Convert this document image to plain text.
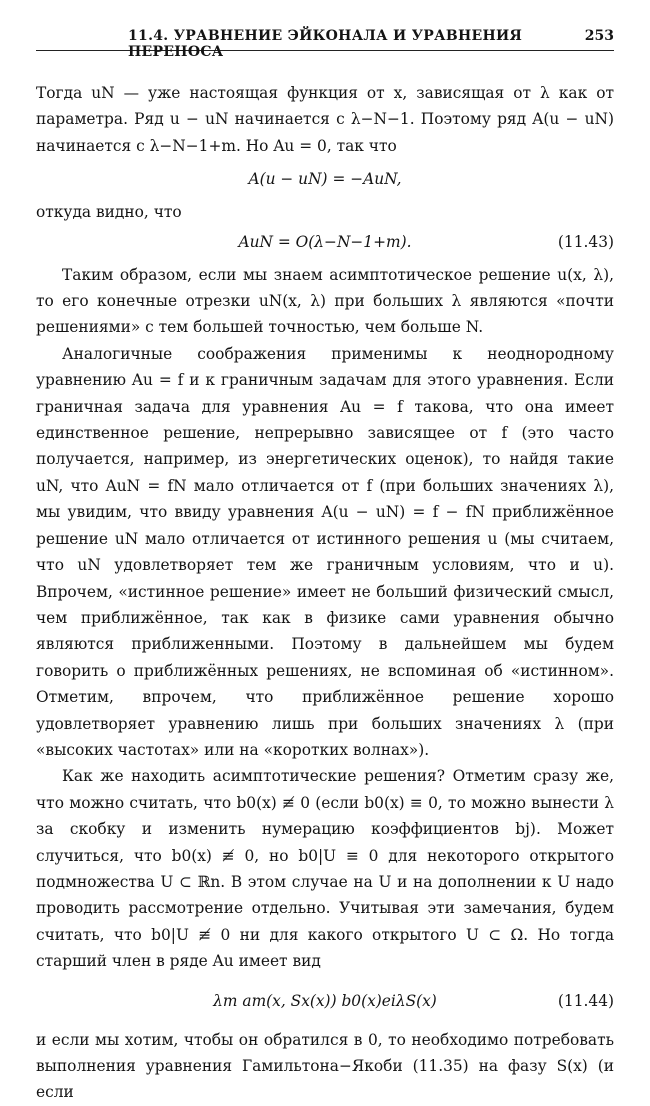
11.4. УРАВНЕНИЕ ЭЙКОНАЛА И УРАВНЕНИЯ ПЕРЕНОСА
253

Тогда uN — уже настоящая функция от x, зависящая от λ как от параметра. Ряд u − uN начинается с λ−N−1. Поэтому ряд A(u − uN) начинается с λ−N−1+m. Но Au = 0, так что

A(u − uN) = −AuN,

откуда видно, что

AuN = O(λ−N−1+m).	(11.43)

Таким образом, если мы знаем асимптотическое решение u(x, λ), то его конечные отрезки uN(x, λ) при больших λ являются «почти решениями» с тем большей точностью, чем больше N.

Аналогичные соображения применимы к неоднородному уравнению Au = f и к граничным задачам для этого уравнения. Если граничная задача для уравнения Au = f такова, что она имеет единственное решение, непрерывно зависящее от f (это часто получается, например, из энергетических оценок), то найдя такие uN, что AuN = fN мало отличается от f (при больших значениях λ), мы увидим, что ввиду уравнения A(u − uN) = f − fN приближённое решение uN мало отличается от истинного решения u (мы считаем, что uN удовлетворяет тем же граничным условиям, что и u). Впрочем, «истинное решение» имеет не больший физический смысл, чем приближённое, так как в физике сами уравнения обычно являются приближенными. Поэтому в дальнейшем мы будем говорить о приближённых решениях, не вспоминая об «истинном». Отметим, впрочем, что приближённое решение хорошо удовлетворяет уравнению лишь при больших значениях λ (при «высоких частотах» или на «коротких волнах»).

Как же находить асимптотические решения? Отметим сразу же, что можно считать, что b0(x) ≢ 0 (если b0(x) ≡ 0, то можно вынести λ за скобку и изменить нумерацию коэффициентов bj). Может случиться, что b0(x) ≢ 0, но b0|U ≡ 0 для некоторого открытого подмножества U ⊂ ℝn. В этом случае на U и на дополнении к U надо проводить рассмотрение отдельно. Учитывая эти замечания, будем считать, что b0|U ≢ 0 ни для какого открытого U ⊂ Ω. Но тогда старший член в ряде Au имеет вид

λm am(x, Sx(x)) b0(x)eiλS(x)	(11.44)

и если мы хотим, чтобы он обратился в 0, то необходимо потребовать выполнения уравнения Гамильтона−Якоби (11.35) на фазу S(x) (и если
